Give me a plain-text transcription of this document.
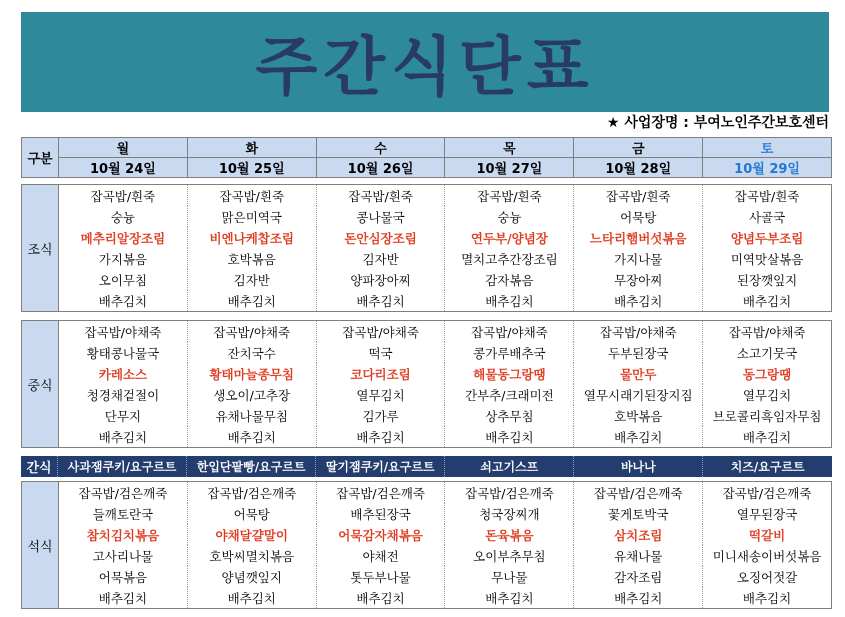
주간식단표
★ 사업장명 : 부여노인주간보호센터
구분	월	화	수	목	금	토
	10월 24일	10월 25일	10월 26일	10월 27일	10월 28일	10월 29일
조식	잡곡밥/흰죽	잡곡밥/흰죽	잡곡밥/흰죽	잡곡밥/흰죽	잡곡밥/흰죽	잡곡밥/흰죽
	숭늉	맑은미역국	콩나물국	숭늉	어묵탕	사골국
	메추리알장조림	비엔나케찹조림	돈안심장조림	연두부/양념장	느타리햄버섯볶음	양념두부조림
	가지볶음	호박볶음	김자반	멸치고추간장조림	가지나물	미역맛살볶음
	오이무침	김자반	양파장아찌	감자볶음	무장아찌	된장깻잎지
	배추김치	배추김치	배추김치	배추김치	배추김치	배추김치
중식	잡곡밥/야채죽	잡곡밥/야채죽	잡곡밥/야채죽	잡곡밥/야채죽	잡곡밥/야채죽	잡곡밥/야채죽
	황태콩나물국	잔치국수	떡국	콩가루배추국	두부된장국	소고기뭇국
	카레소스	황태마늘종무침	코다리조림	해물동그랑땡	물만두	동그랑땡
	청경채겉절이	생오이/고추장	열무김치	간부추/크래미전	열무시래기된장지짐	열무김치
	단무지	유채나물무침	김가루	상추무침	호박볶음	브로콜리흑임자무침
	배추김치	배추김치	배추김치	배추김치	배추김치	배추김치
간식	사과잼쿠키/요구르트	한입단팥빵/요구르트	딸기잼쿠키/요구르트	쇠고기스프	바나나	치즈/요구르트
석식	잡곡밥/검은깨죽	잡곡밥/검은깨죽	잡곡밥/검은깨죽	잡곡밥/검은깨죽	잡곡밥/검은깨죽	잡곡밥/검은깨죽
	들깨토란국	어묵탕	배추된장국	청국장찌개	꽃게토박국	열무된장국
	참치김치볶음	야채달걀말이	어묵감자채볶음	돈육볶음	삼치조림	떡갈비
	고사리나물	호박씨멸치볶음	야채전	오이부추무침	유채나물	미니새송이버섯볶음
	어묵볶음	양념깻잎지	톳두부나물	무나물	감자조림	오징어젓갈
	배추김치	배추김치	배추김치	배추김치	배추김치	배추김치
